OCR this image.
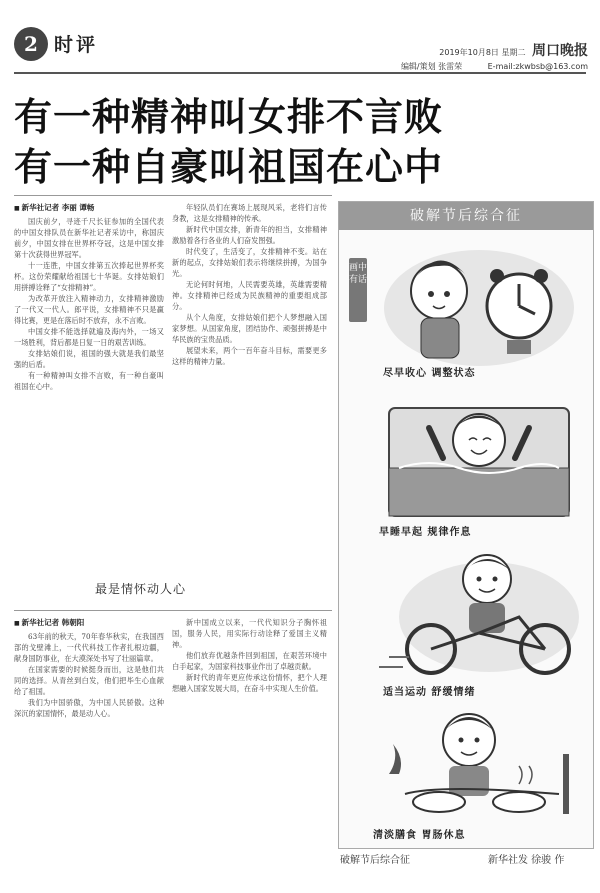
2 时评	2019年10月8日 星期二 周口晚报
编辑/策划 张雷荣	E-mail:zkwbsb@163.com
有一种精神叫女排不言败
有一种自豪叫祖国在心中
■ 新华社记者 李丽 谭畅

国庆前夕，寻迹千尺长征参加的全国代表的中国女排队员在新华社记者采访中，称国庆前夕，中国女排在世界杯夺冠，这是中国女排第十次获得世界冠军。

十一连胜，中国女排第五次捧起世界杯奖杯。这份荣耀献给祖国七十华诞。女排姑娘们用拼搏诠释了“女排精神”。

为改革开放注入精神动力，女排精神激励了一代又一代人。郎平说，女排精神不只是赢得比赛，更是在落后时不放弃，永不言败。

中国女排不能选择就遍及海内外，一场又一场胜利，背后都是日复一日的艰苦训练。

女排姑娘们说，祖国的强大就是我们最坚强的后盾。

有一种精神叫女排不言败，有一种自豪叫祖国在心中。

年轻队员们在赛场上展现风采，老将们言传身教，这是女排精神的传承。

新时代中国女排，新青年的担当，女排精神激励着各行各业的人们奋发图强。

时代变了，生活变了，女排精神不变。站在新的起点，女排姑娘们表示将继续拼搏，为国争光。

无论何时何地，人民需要英雄，英雄需要精神。女排精神已经成为民族精神的重要组成部分。

从个人角度，女排姑娘们把个人梦想融入国家梦想。从国家角度，团结协作、顽强拼搏是中华民族的宝贵品质。

展望未来，两个一百年奋斗目标，需要更多这样的精神力量。

最是情怀动人心
■ 新华社记者 韩朝阳

63年前的秋天，70年春华秋实，在我国西部的戈壁滩上，一代代科技工作者扎根边疆，献身国防事业，在大漠深处书写了壮丽篇章。

在国家需要的时候挺身而出，这是他们共同的选择。从青丝到白发，他们把毕生心血献给了祖国。

我们为中国骄傲，为中国人民骄傲。这种深沉的家国情怀，最是动人心。

新中国成立以来，一代代知识分子胸怀祖国，服务人民，用实际行动诠释了爱国主义精神。

他们放弃优越条件回到祖国，在艰苦环境中白手起家，为国家科技事业作出了卓越贡献。

新时代的青年更应传承这份情怀，把个人理想融入国家发展大局，在奋斗中实现人生价值。

破解节后综合征
画中有话
尽早收心 调整状态
早睡早起 规律作息
适当运动 舒缓情绪
清淡膳食 胃肠休息
破解节后综合征	新华社发 徐骏 作
